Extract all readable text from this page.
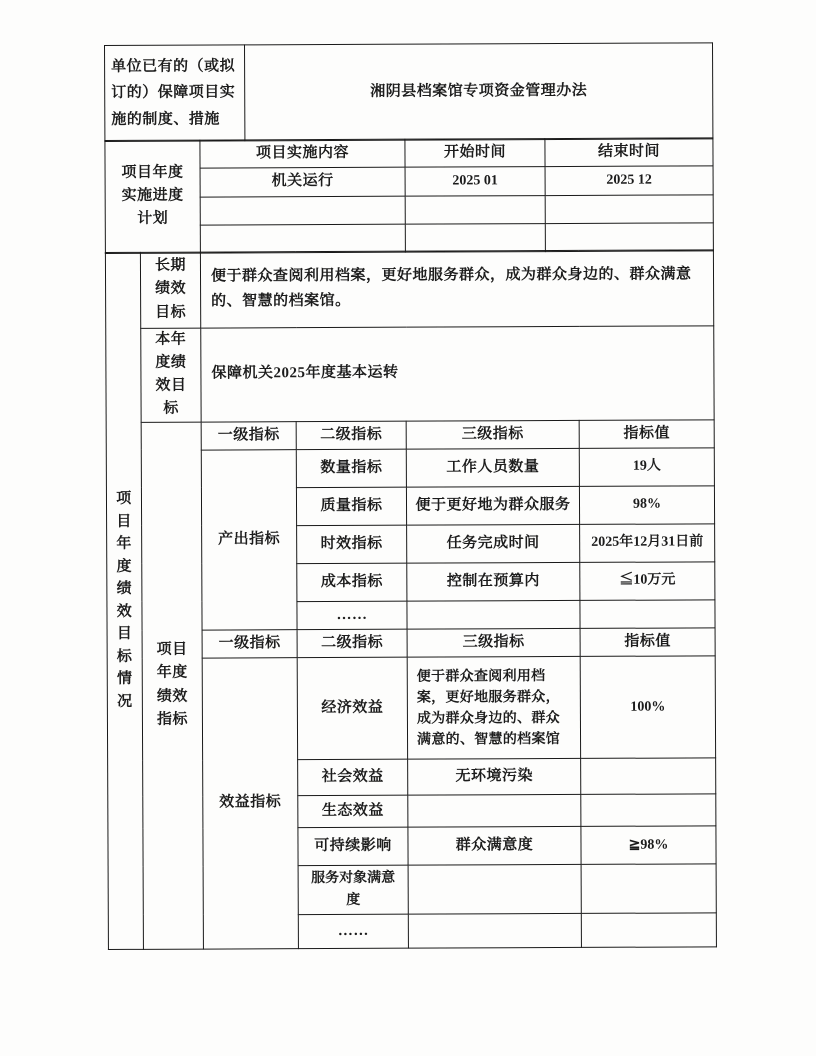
单位已有的（或拟订的）保障项目实施的制度、措施	湘阴县档案馆专项资金管理办法
项目年度实施进度计划	项目实施内容	开始时间	结束时间
	机关运行	2025 01	2025 12

项目年度绩效目标情况	长期绩效目标	便于群众查阅利用档案，更好地服务群众，成为群众身边的、群众满意的、智慧的档案馆。			
	本年度绩效目标	保障机关2025年度基本运转			
	项目年度绩效指标	一级指标	二级指标	三级指标	指标值
		产出指标	数量指标	工作人员数量	19人
			质量指标	便于更好地为群众服务	98%
			时效指标	任务完成时间	2025年12月31日前
			成本指标	控制在预算内	≦10万元
			……		
		一级指标	二级指标	三级指标	指标值
		效益指标	经济效益	便于群众查阅利用档案，更好地服务群众，成为群众身边的、群众满意的、智慧的档案馆	100%
			社会效益	无环境污染	
			生态效益		
			可持续影响	群众满意度	≧98%
			服务对象满意度		
			……		
